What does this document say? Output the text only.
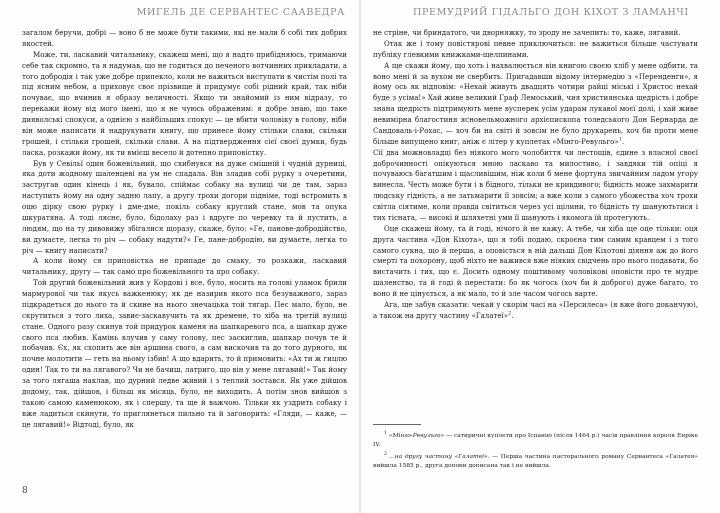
МИГЕЛЬ ДЕ СЕРВАНТЕС СААВЕДРА

загалом беручи, добрі — воно б не може бути такими, які не мали б собі тих добрих якостей.

Може, ти, ласкавий читальнику, скажеш мені, що я надто прибідняюсь, тримаючи себе так скромно, та я надумав, що не годиться до печеного вотчинних прикладати, а того добродія і так уже добре припекло, коли не важиться виступати в чистім полі та під ясним небом, а приховує своє прізвище й придумує собі рідний край, так ніби почуває, що вчинив я образу величності. Якщо ти знайомий із ним відразу, то перекажи йому від мого імені, що я не чуюсь ображеним: я добре знаю, що таке дияволські спокуси, а однією з найбільших спокус — це вбити чоловіку в голову, ніби він може написати й надрукувати книгу, що принесе йому стільки слави, скільки грошей, і стільки грошей, скільки слави. А на підтвердження сієї своєї думки, будь ласка, розкажи йому, як ти вмієш весело й дотепно приповістку.

Був у Севільї один божевільний, що схибнувся на дуже смішній і чудній дурниці, яка доти жодному шаленцеві на ум не спадала. Він зладив собі рурку з очеретини, застругав один кінець і як, бувало, спіймає собаку на вулиці чи де там, зараз наступить йому на одну задню лапу, а другу трохи догори підніме, тоді встромить в оцю дірку свою рурку і дме-дме, покіль собаку круглий стане, мов та опука шкуратяна. А тоді ляснє, було, бідолаху раз і вдруге по черевку та й пустить, а людям, що на ту дивовижу збігалися щоразу, скаже, було: «Ге, панове-добродійство, ви думаєте, легка то річ — собаку надути?» Ге, пане-добродію, ви думаєте, легка то річ — книгу написати?

А коли йому ся приповістка не припаде до смаку, то розкажи, ласкавий читальнику, другу — так само про божевільного та про собаку.

Той другий божевільний жив у Кордові і все, було, носить на голові уламок брили мармурової чи так якусь важкенюку; як де назирив якого пса безуважного, зараз підкрадеться до нього та й скине на нього знечацька той тягар. Пес мало, було, не скрутиться з того лиха, завиє-заскавучить та як дремене, то хіба на третій вулиці стане. Одного разу скинув той придурок каменя на шапкаревого пса, а шапкар дуже свого пса любив. Камінь влучив у саму голову, пес заскиглив, шапкар почув те й побачив. Єх, як схопить же він аршина свого, а сам вискочив та до того дурного, як почне молотити — геть на ньому ізбив! А що вдарить, то й примовить: «Ах ти ж гицлю один! Так то ти на лягавого? Чи не бачиш, латриго, що він у мене лягавий!» Так йому за того лягаша наклав, що дурний ледве живий і з теплий зостався. Як уже дійшов додому, так, дійшов, і більш як місяць, було, не виходить. А потім знов вийшов з такою самою каменюкою, як і спершу, та ще й важчою. Тільки як уздрить собаку і вже ладиться скинути, то приглянеться пильно та й заговорить: «Гляди, — каже, — це лягавий!» Відтоді, було, як

8
ПРЕМУДРИЙ ГІДАЛЬГО ДОН КІХОТ З ЛАМАНЧІ

не стріне, чи бриндатого, чи дворняжку, то зроду не зачепить: то, каже, лягавий.

Отак же і тому повістярові певне приключиться: не важиться більше частувати публіку глевкими книжками-щелпинами.

А ще скажи йому, що хоть і нахвалюється він книгою своєю хліб у мене одбити, та воно мені й за вухом не свербить. Пригадавши відому інтермедію з «Перенденги», я йому ось як відповім: «Нехай живуть двадцять чотири райці міські і Христос нехай буде з усіма!» Хай живе великий Граф Лемоський, чия християнська щедрість і добре знана щедрість підтримують мене вусперек усім ударам лукавої моєї долі, і хай живе невимірна благостиня ясновельможного архієпископа толедського Дон Бернарда де Сандоваль-і-Рохас, — хоч би на світі й зовсім не було друкарень, хоч би проти мене більше випущено книг, аніж є літер у куплетах «Мінго-Ревульго»$^1$.

Сії два можновладці без ніякого мого чолобиття чи лестощів, єдине з власної своєї доброчинності опікуються мною ласкаво та милостиво, і завдяки тій опіці я почуваюсь багатшим і щасливішим, ніж коли б мене фортуна звичайним ладом угору винесла. Честь може бути і в бідного, тільки не кривдивого; бідність може захмарити людську гідність, а не затьмарити її зовсім; а вже коли з самого убожества хоч трохи світла сіятиме, коли правда світиться через усі щілини, то бідність ту шануютьтися і тих тісната, — високі й шляхетні уми її шанують і якомога їй протегують.

Оце скажеш йому, та й годі, нічого й не кажу. А тебе, чи хіба ще оце тільки: оця друга частина «Дон Кіхота», що я тобі подаю, скроєна тим самим кравцем і з того самого сукна, що й перша, а оповісться в ній дальші Дон Кіхотові діяння аж до його смерті та похорону, щоб ніхто не важився вже ніяких свідчень про нього подавати, бо вистачить і тих, що є. Досить одному поштивому чоловікові оповісти про те мудре шаленство, та й годі й перестати: бо як чогось (хоч би й доброго) дуже багато, то воно й не цінується, а як мало, то й зле часом чогось варте.

Ага, ще забув сказати: чекай у скорім часі на «Персилеса» (я вже його доканчую), а також на другу частину «Галатеї»$^2$.

$^1$ «Мінго-Ревульго» — сатиричні куплети про Іспанію (після 1464 р.) часів правління короля Енріке IV.

$^2$ …на другу частину «Галатеї». — Перша частина пасторального роману Сервантеса «Галатея» вийшла 1585 р., друга допоки дописана так і не вийшла.
